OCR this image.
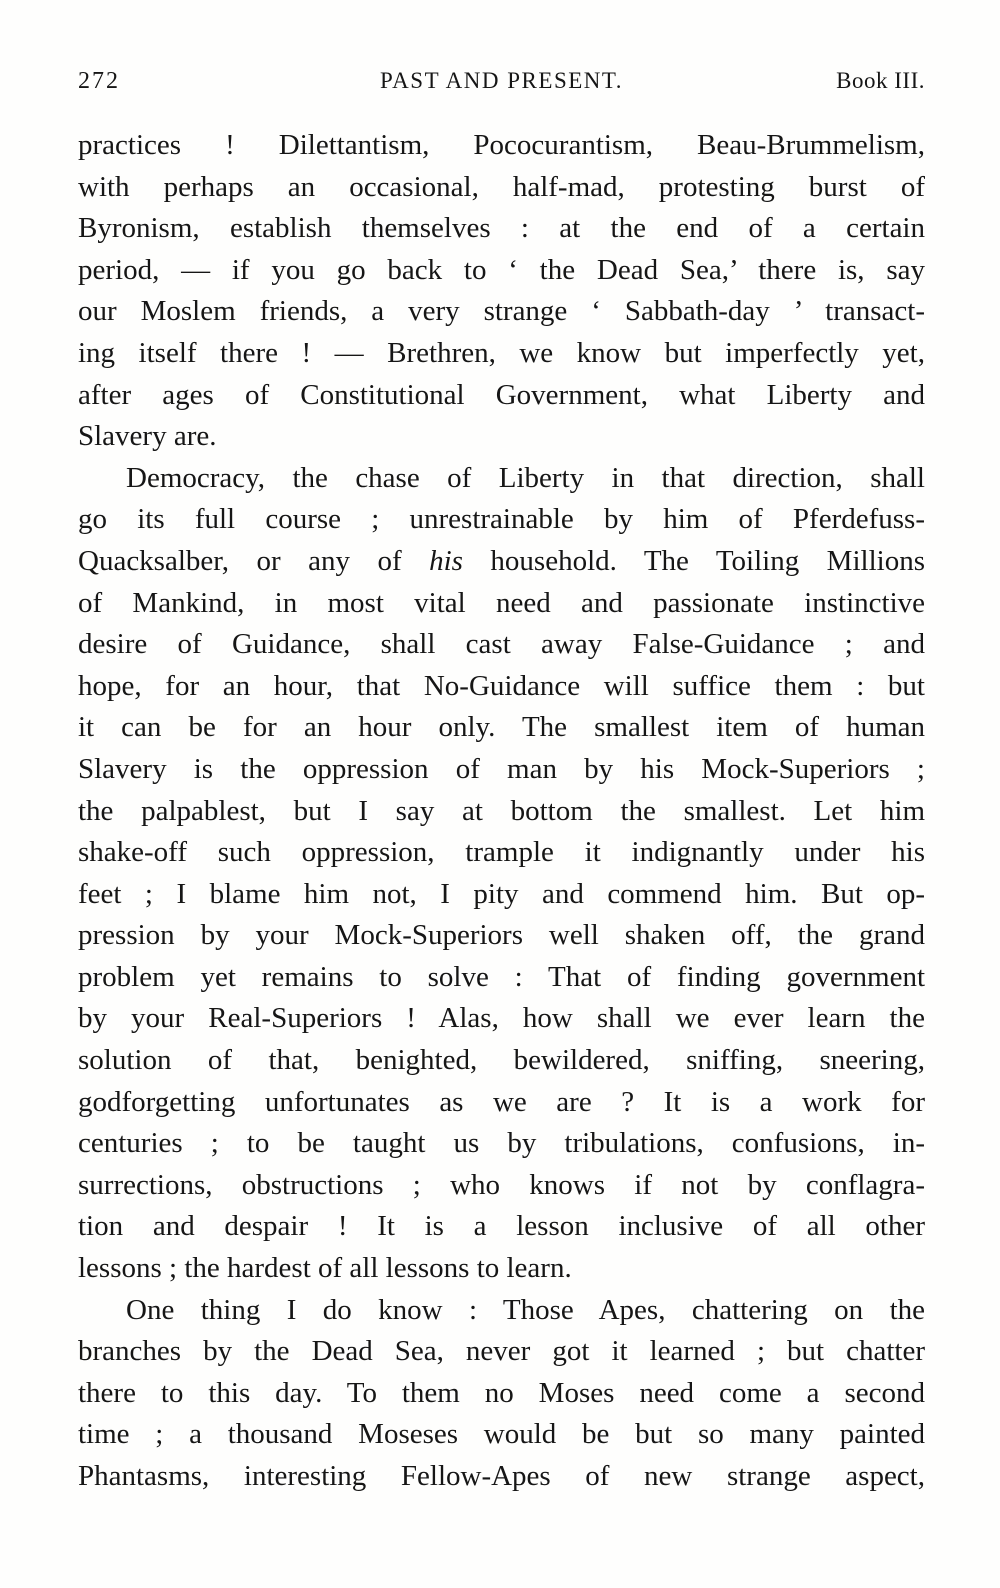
272	PAST AND PRESENT.	Book III.
practices ! Dilettantism, Pococurantism, Beau-Brummelism,
with perhaps an occasional, half-mad, protesting burst of
Byronism, establish themselves : at the end of a certain
period, — if you go back to ‘ the Dead Sea,’ there is, say
our Moslem friends, a very strange ‘ Sabbath-day ’ transact-
ing itself there ! — Brethren, we know but imperfectly yet,
after ages of Constitutional Government, what Liberty and
Slavery are.
Democracy, the chase of Liberty in that direction, shall
go its full course ; unrestrainable by him of Pferdefuss-
Quacksalber, or any of his household. The Toiling Millions
of Mankind, in most vital need and passionate instinctive
desire of Guidance, shall cast away False-Guidance ; and
hope, for an hour, that No-Guidance will suffice them : but
it can be for an hour only. The smallest item of human
Slavery is the oppression of man by his Mock-Superiors ;
the palpablest, but I say at bottom the smallest. Let him
shake-off such oppression, trample it indignantly under his
feet ; I blame him not, I pity and commend him. But op-
pression by your Mock-Superiors well shaken off, the grand
problem yet remains to solve : That of finding government
by your Real-Superiors ! Alas, how shall we ever learn the
solution of that, benighted, bewildered, sniffing, sneering,
godforgetting unfortunates as we are ? It is a work for
centuries ; to be taught us by tribulations, confusions, in-
surrections, obstructions ; who knows if not by conflagra-
tion and despair ! It is a lesson inclusive of all other
lessons ; the hardest of all lessons to learn.
One thing I do know : Those Apes, chattering on the
branches by the Dead Sea, never got it learned ; but chatter
there to this day. To them no Moses need come a second
time ; a thousand Moseses would be but so many painted
Phantasms, interesting Fellow-Apes of new strange aspect,
